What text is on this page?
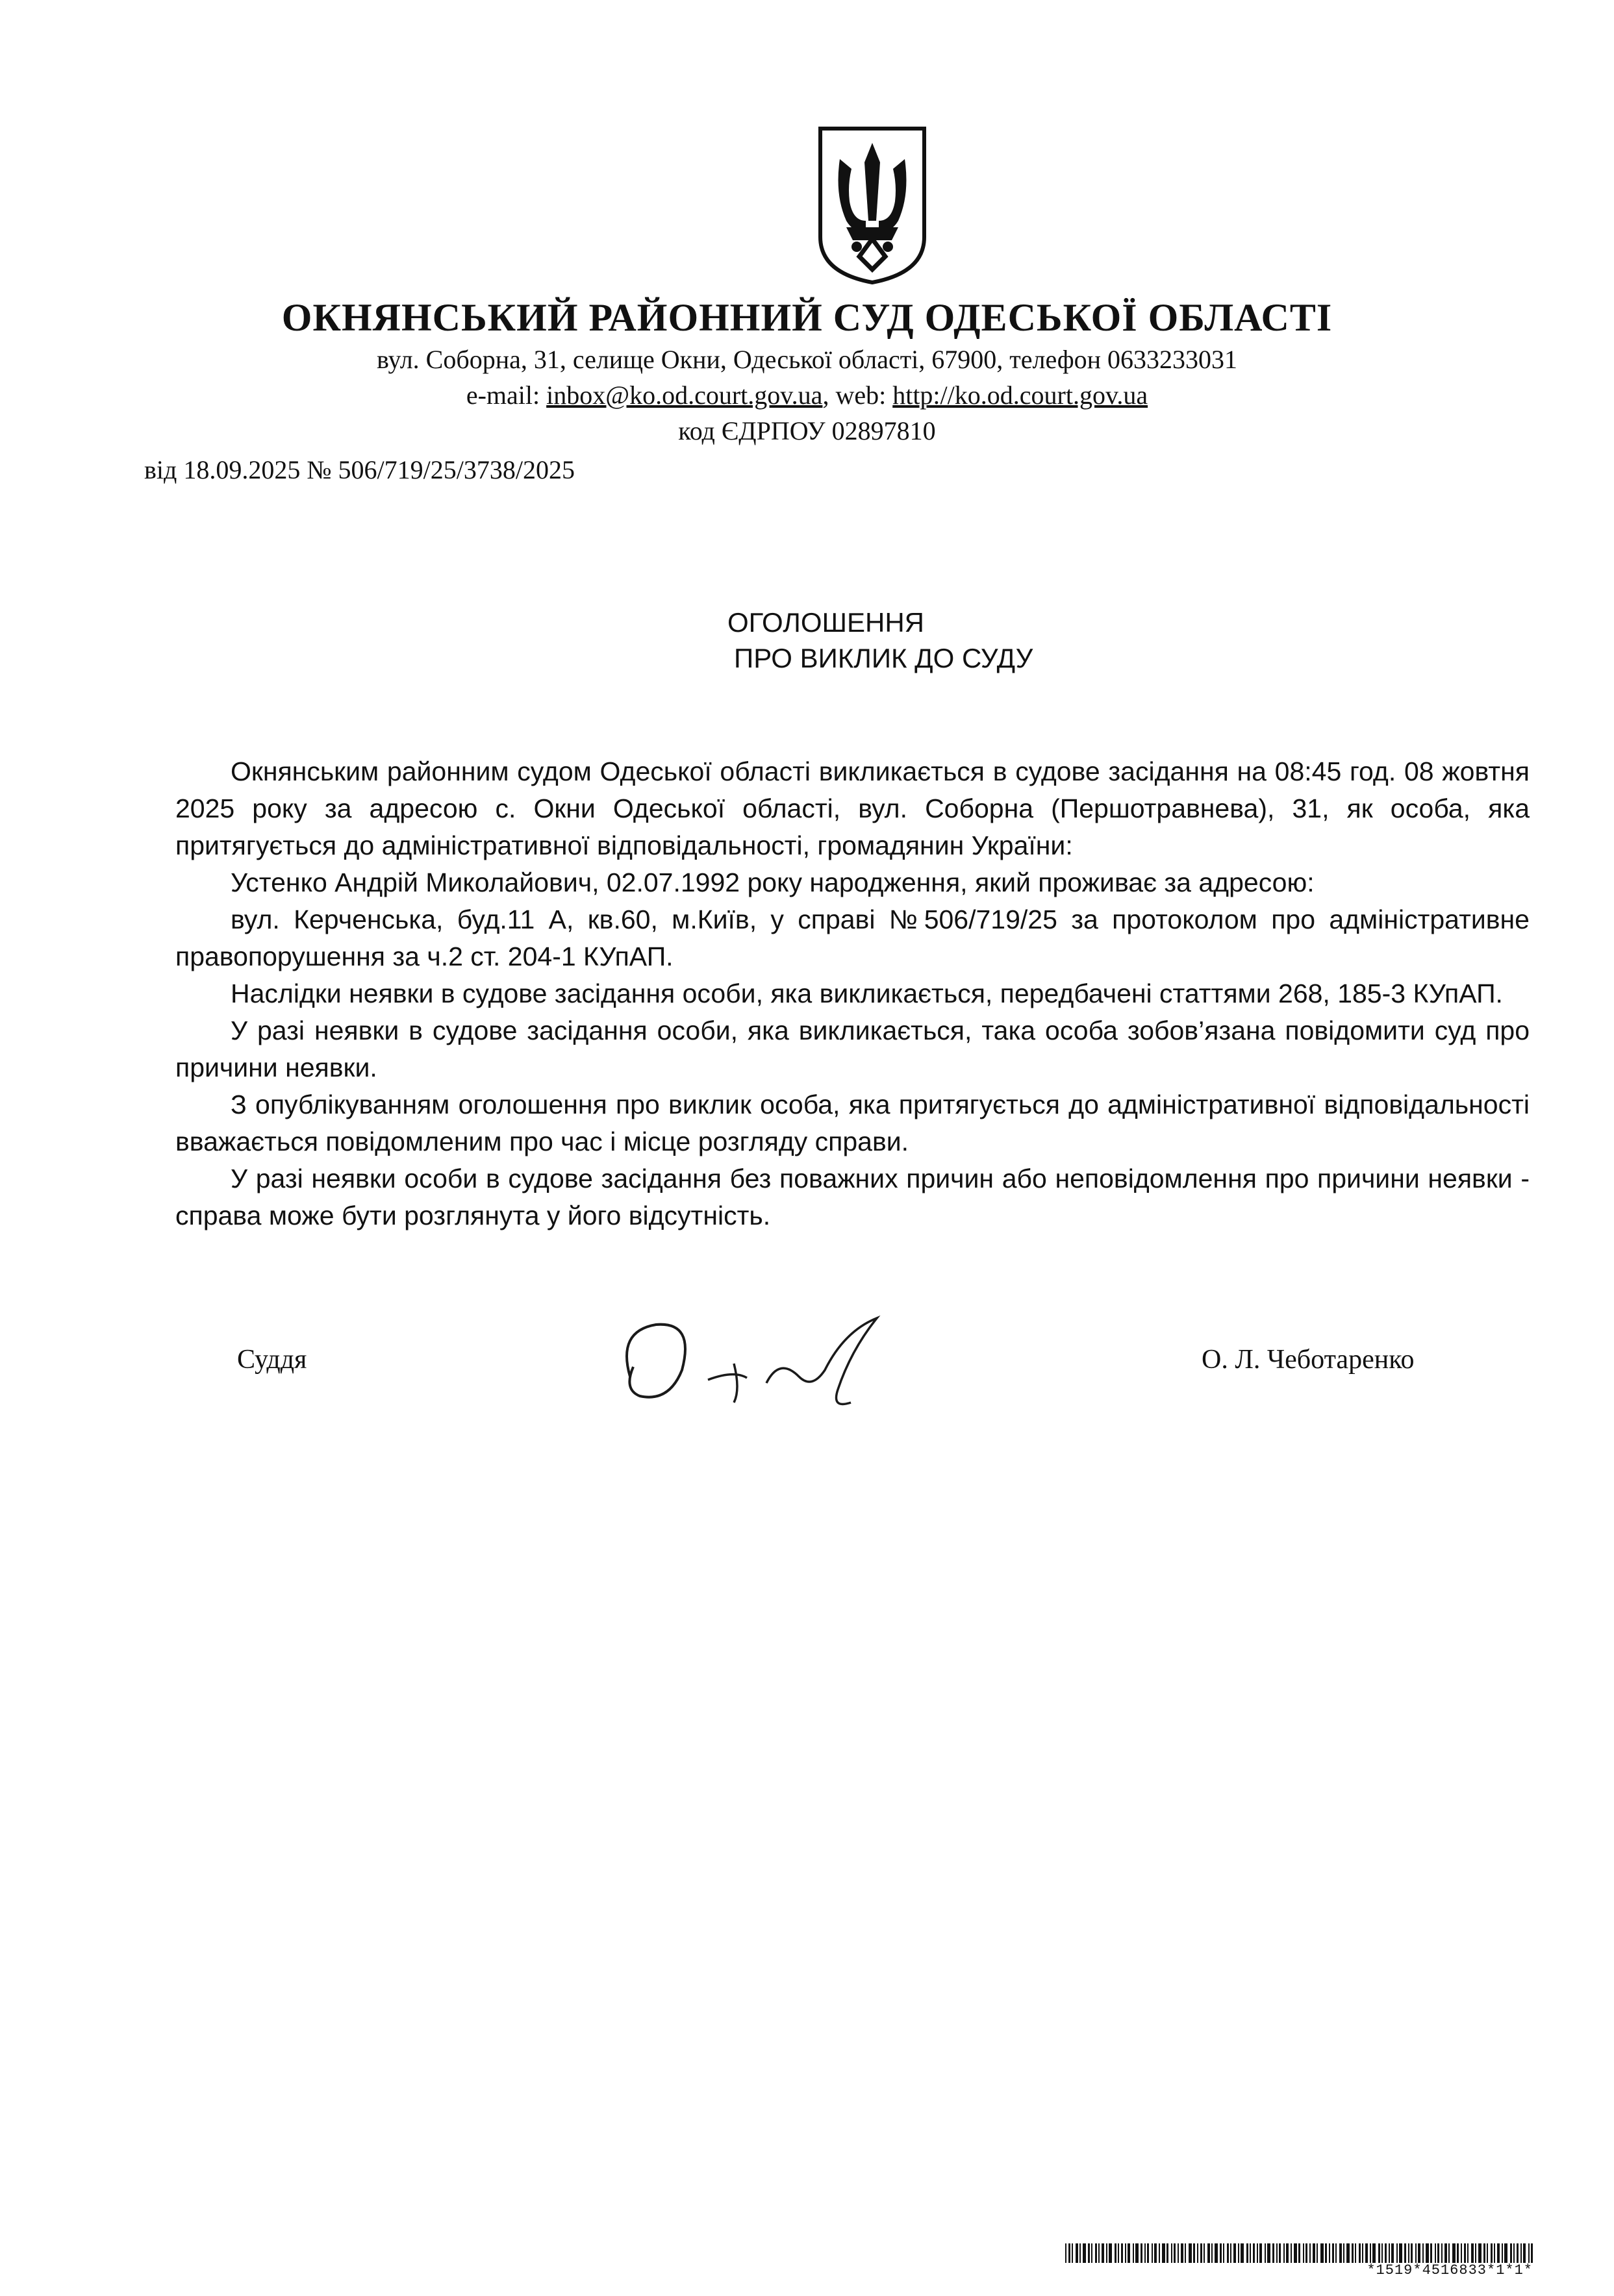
ОКНЯНСЬКИЙ РАЙОННИЙ СУД ОДЕСЬКОЇ ОБЛАСТІ
вул. Соборна, 31, селище Окни, Одеської області, 67900, телефон 0633233031
e-mail: inbox@ko.od.court.gov.ua, web: http://ko.od.court.gov.ua
код ЄДРПОУ 02897810
від 18.09.2025 № 506/719/25/3738/2025
ОГОЛОШЕННЯ
ПРО ВИКЛИК ДО СУДУ

Окнянським районним судом Одеської області викликається в судове засідання на 08:45 год. 08 жовтня 2025 року за адресою с. Окни Одеської області, вул. Соборна (Першотравнева), 31, як особа, яка притягується до адміністративної відповідальності, громадянин України:

Устенко Андрій Миколайович, 02.07.1992 року народження, який проживає за адресою:

вул. Керченська, буд.11 А, кв.60, м.Київ, у справі №506/719/25 за протоколом про адміністративне правопорушення за ч.2 ст. 204-1 КУпАП.

Наслідки неявки в судове засідання особи, яка викликається, передбачені статтями 268, 185-3 КУпАП.

У разі неявки в судове засідання особи, яка викликається, така особа зобов’язана повідомити суд про причини неявки.

З опублікуванням оголошення про виклик особа, яка притягується до адміністративної відповідальності вважається повідомленим про час і місце розгляду справи.

У разі неявки особи в судове засідання без поважних причин або неповідомлення про причини неявки - справа може бути розглянута у його відсутність.

Суддя	О. Л. Чеботаренко
*1519*4516833*1*1*
